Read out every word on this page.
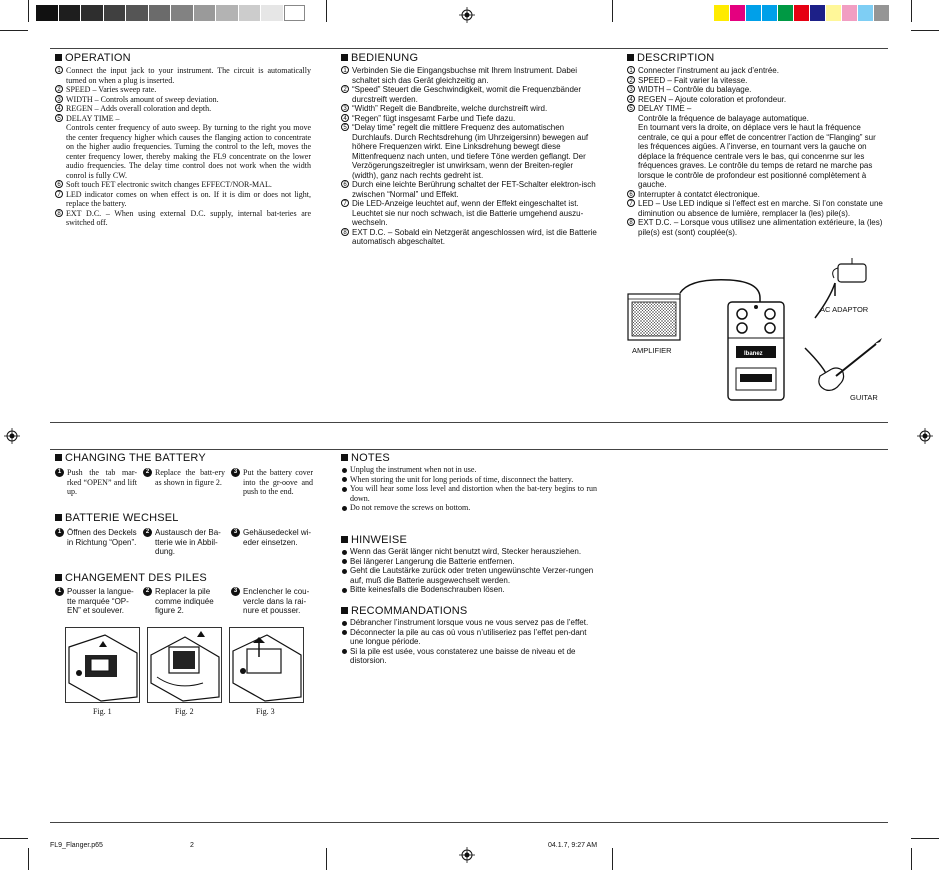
OPERATION
1 Connect the input jack to your instrument. The circuit is automatically turned on when a plug is inserted.
2 SPEED – Varies sweep rate.
3 WIDTH – Controls amount of sweep deviation.
4 REGEN – Adds overall coloration and depth.
5 DELAY TIME –
Controls center frequency of auto sweep. By turning to the right you move the center frequency higher which causes the flanging action to concentrate on the higher audio frequencies. Turning the control to the left, moves the center frequency lower, thereby making the FL9 concentrate on the lower audio frequencies. The delay time control does not work when the width conrol is fully CW.
6 Soft touch FET electronic switch changes EFFECT/NOR-MAL.
7 LED indicator comes on when effect is on. If it is dim or does not light, replace the battery.
8 EXT D.C. – When using external D.C. supply, internal bat-teries are switched off.
BEDIENUNG
1 Verbinden Sie die Eingangsbuchse mit Ihrem Instrument. Dabei schaltet sich das Gerät gleichzeitig an.
2 “Speed” Steuert die Geschwindigkeit, womit die Frequenzbänder durcstreift werden.
3 “Width” Regelt die Bandbreite, welche durchstreift wird.
4 “Regen” fügt insgesamt Farbe und Tiefe dazu.
5 “Delay time” regelt die mittlere Frequenz des automatischen Durchlaufs. Durch Rechtsdrehung (im Uhrzeigersinn) bewegen auf höhere Frequenzen wirkt. Eine Linksdrehung bewegt diese Mittenfrequenz nach unten, und tiefere Töne werden geflangt. Der Verzögerungszeitregler ist unwirksam, wenn der Breiten-regler (width), ganz nach rechts gedreht ist.
6 Durch eine leichte Berührung schaltet der FET-Schalter elektron-isch zwischen “Normal” und Effekt.
7 Die LED-Anzeige leuchtet auf, wenn der Effekt eingeschaltet ist. Leuchtet sie nur noch schwach, ist die Batterie umgehend auszu-wechseln.
8 EXT D.C. – Sobald ein Netzgerät angeschlossen wird, ist die Batterie automatisch abgeschaltet.
DESCRIPTION
1 Connecter l’instrument au jack d’entrée.
2 SPEED – Fait varier la vitesse.
3 WIDTH – Contrôle du balayage.
4 REGEN – Ajoute coloration et profondeur.
5 DELAY TIME –
Contrôle la fréquence de balayage automatique.
En tournant vers la droite, on déplace vers le haut la fréquence centrale, ce qui a pour effet de concentrer l’action de “Flanging” sur les fréquences aigües. A l’inverse, en tournant vers la gauche on déplace la fréquence centrale vers le bas, qui concenrne sur les fréquences graves. Le contrôle du temps de retard ne marche pas lorsque le contrôle de profondeur est positionné complètement à gauche.
6 Interrupter à contatct électronique.
7 LED – Use LED indique si l’effect est en marche. Si l’on constate une diminution ou absence de lumière, remplacer la (les) pile(s).
8 EXT D.C. – Lorsque vous utilisez une alimentation extérieure, la (les) pile(s) est (sont) couplée(s).
Ibanez
AMPLIFIER
AC ADAPTOR
GUITAR
CHANGING THE BATTERY
1 Push the tab mar-rked “OPEN” and lift up.
2 Replace the batt-ery as shown in figure 2.
3 Put the battery cover into the gr-oove and push to the end.
BATTERIE WECHSEL
1 Öffnen des Deckels in Richtung “Open”.
2 Austausch der Ba-tterie wie in Abbil-dung.
3 Gehäusedeckel wi-eder einsetzen.
CHANGEMENT DES PILES
1 Pousser la langue-tte marquée “OP-EN” et soulever.
2 Replacer la pile comme indiquée figure 2.
3 Enclencher le cou-vercle dans la rai-nure et pousser.
Fig. 1	Fig. 2	Fig. 3
NOTES
Unplug the instrument when not in use.
When storing the unit for long periods of time, disconnect the battery.
You will hear some loss level and distortion when the bat-tery begins to run down.
Do not remove the screws on bottom.
HINWEISE
Wenn das Gerät länger nicht benutzt wird, Stecker herausziehen.
Bei längerer Langerung die Batterie entfernen.
Geht die Lautstärke zurück oder treten ungewünschte Verzer-rungen auf, muß die Batterie ausgewechselt werden.
Bitte keinesfalls die Bodenschrauben lösen.
RECOMMANDATIONS
Débrancher l’instrument lorsque vous ne vous servez pas de l’effet.
Déconnecter la pile au cas où vous n’utiliseriez pas l’effet pen-dant une longue période.
Si la pile est usée, vous constaterez une baisse de niveau et de distorsion.
FL9_Flanger.p65	2	04.1.7, 9:27 AM
